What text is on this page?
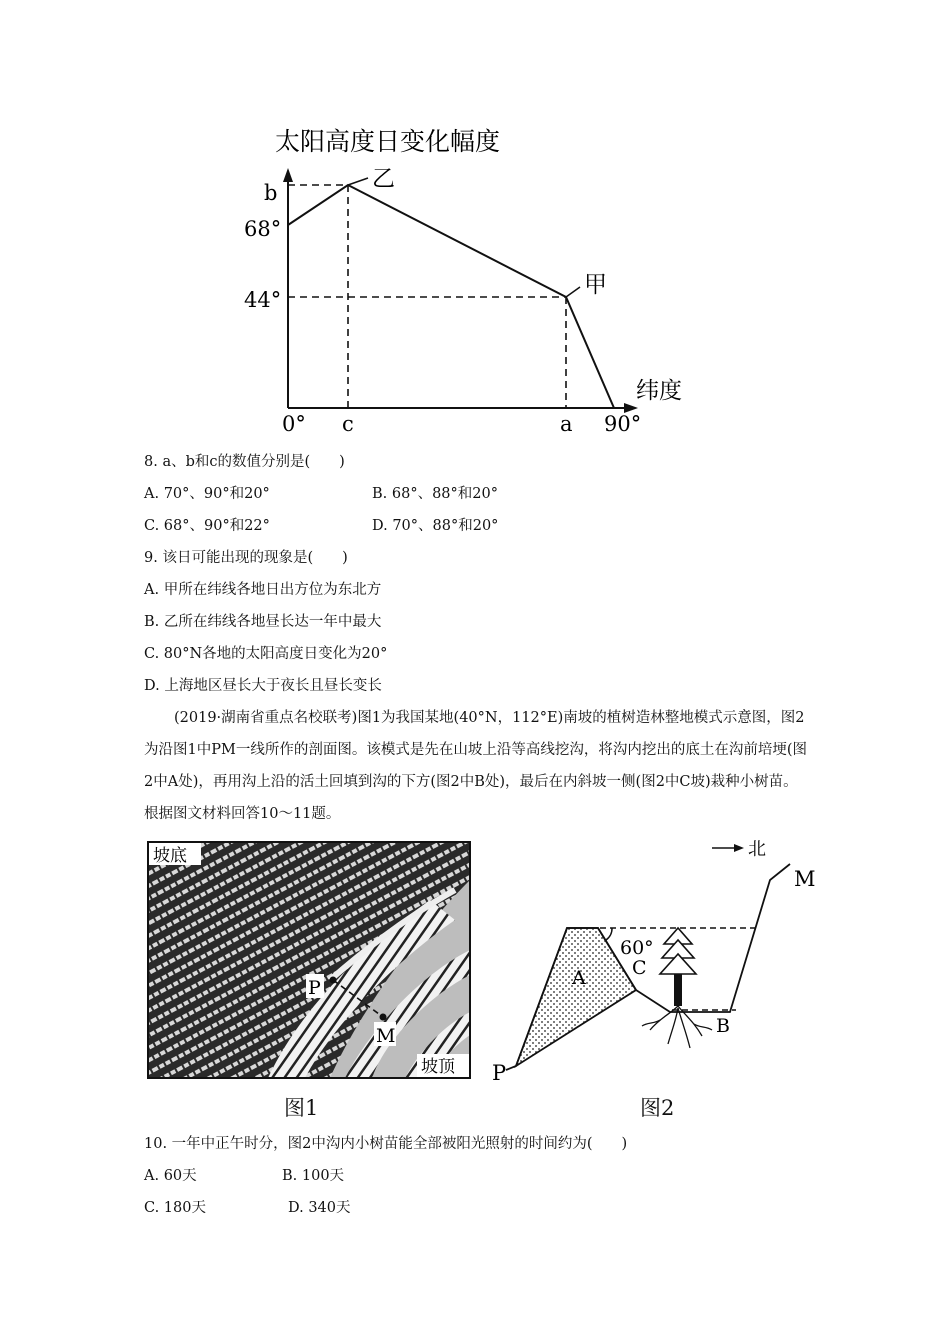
太阳高度日变化幅度
b
68°
44°
0° c	a 90°
纬度
乙
甲
8. a、b和c的数值分别是(　　)
A. 70°、90°和20°	B. 68°、88°和20°
C. 68°、90°和22°	D. 70°、88°和20°
9. 该日可能出现的现象是(　　)
A. 甲所在纬线各地日出方位为东北方
B. 乙所在纬线各地昼长达一年中最大
C. 80°N各地的太阳高度日变化为20°
D. 上海地区昼长大于夜长且昼长变长
(2019·湖南省重点名校联考)图1为我国某地(40°N，112°E)南坡的植树造林整地模式示意图，图2为沿图1中PM一线所作的剖面图。该模式是先在山坡上沿等高线挖沟，将沟内挖出的底土在沟前培埂(图2中A处)，再用沟上沿的活土回填到沟的下方(图2中B处)，最后在内斜坡一侧(图2中C坡)栽种小树苗。根据图文材料回答10～11题。
坡底
坡顶
P
M
图1
北
60°
A C
B
P
M
图2
10. 一年中正午时分，图2中沟内小树苗能全部被阳光照射的时间约为(　　)
A. 60天	B. 100天
C. 180天	D. 340天
